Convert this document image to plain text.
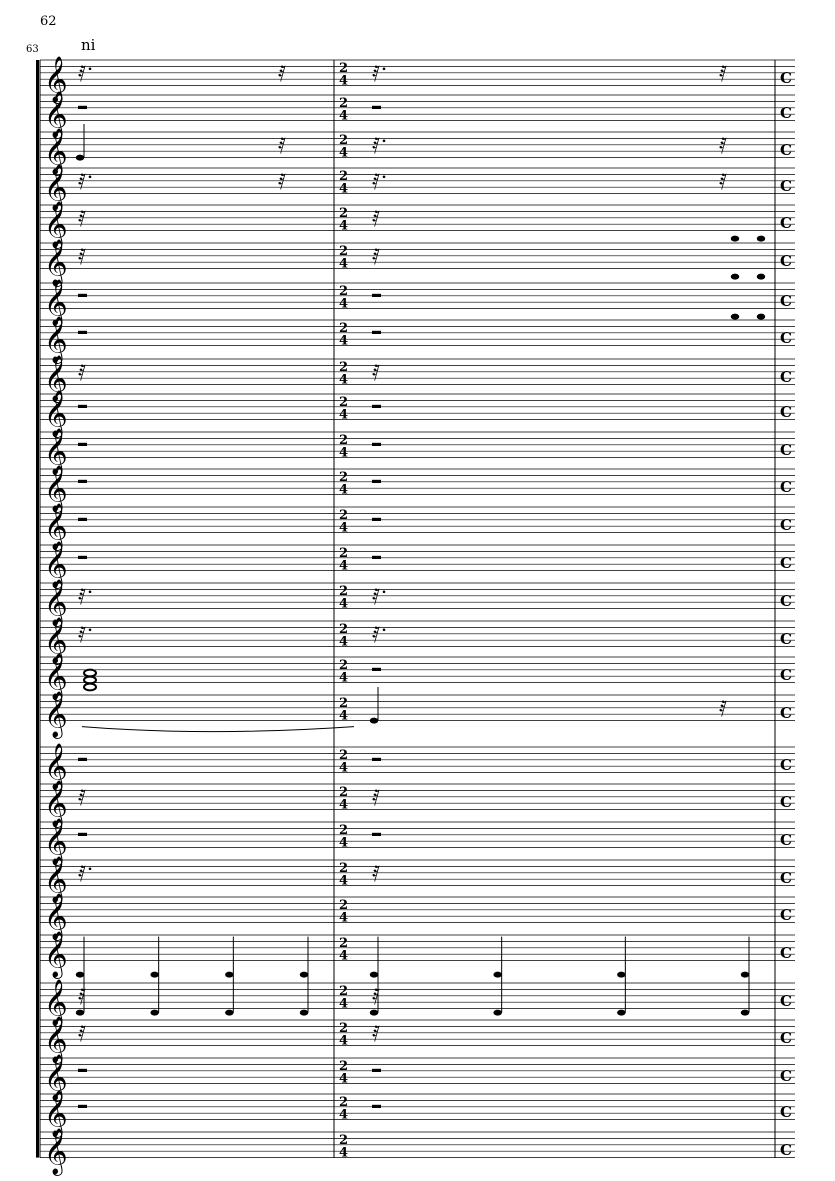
62
63	ni
𝄞	2
4	C
𝅀	𝅀	𝅀	𝅀
𝄞	2
4	C
𝄞	2
4	C
𝅀	𝅀	𝅀
𝄞	2
4	C
𝅀	𝅀	𝅀	𝅀
𝄞	2
4	C
𝅀	𝅀
𝄞	2
4	C
𝅀	𝅀
𝄞	2
4	C
𝄞	2
4	C
𝄞	2
4	C
𝅀	𝅀
𝄞	2
4	C
𝄞	2
4	C
𝄞	2
4	C
𝄞	2
4	C
𝄞	2
4	C
𝄞	2
4	C
𝅀	𝅀
𝄞	2
4	C
𝅀	𝅀
𝄞	2
4	C
𝄞	2
4	C
𝅀
𝄞	2
4	C
𝄞	2
4	C
𝅀	𝅀
𝄞	2
4	C
𝄞	2
4	C
𝅀	𝅀
𝄞	2
4	C
𝄞	2
4	C
𝄞	2
4	C
𝅀	𝅀
𝄞	2
4	C
𝅀	𝅀
𝄞	2
4	C
𝄞	2
4	C
𝄞	2
4	C
